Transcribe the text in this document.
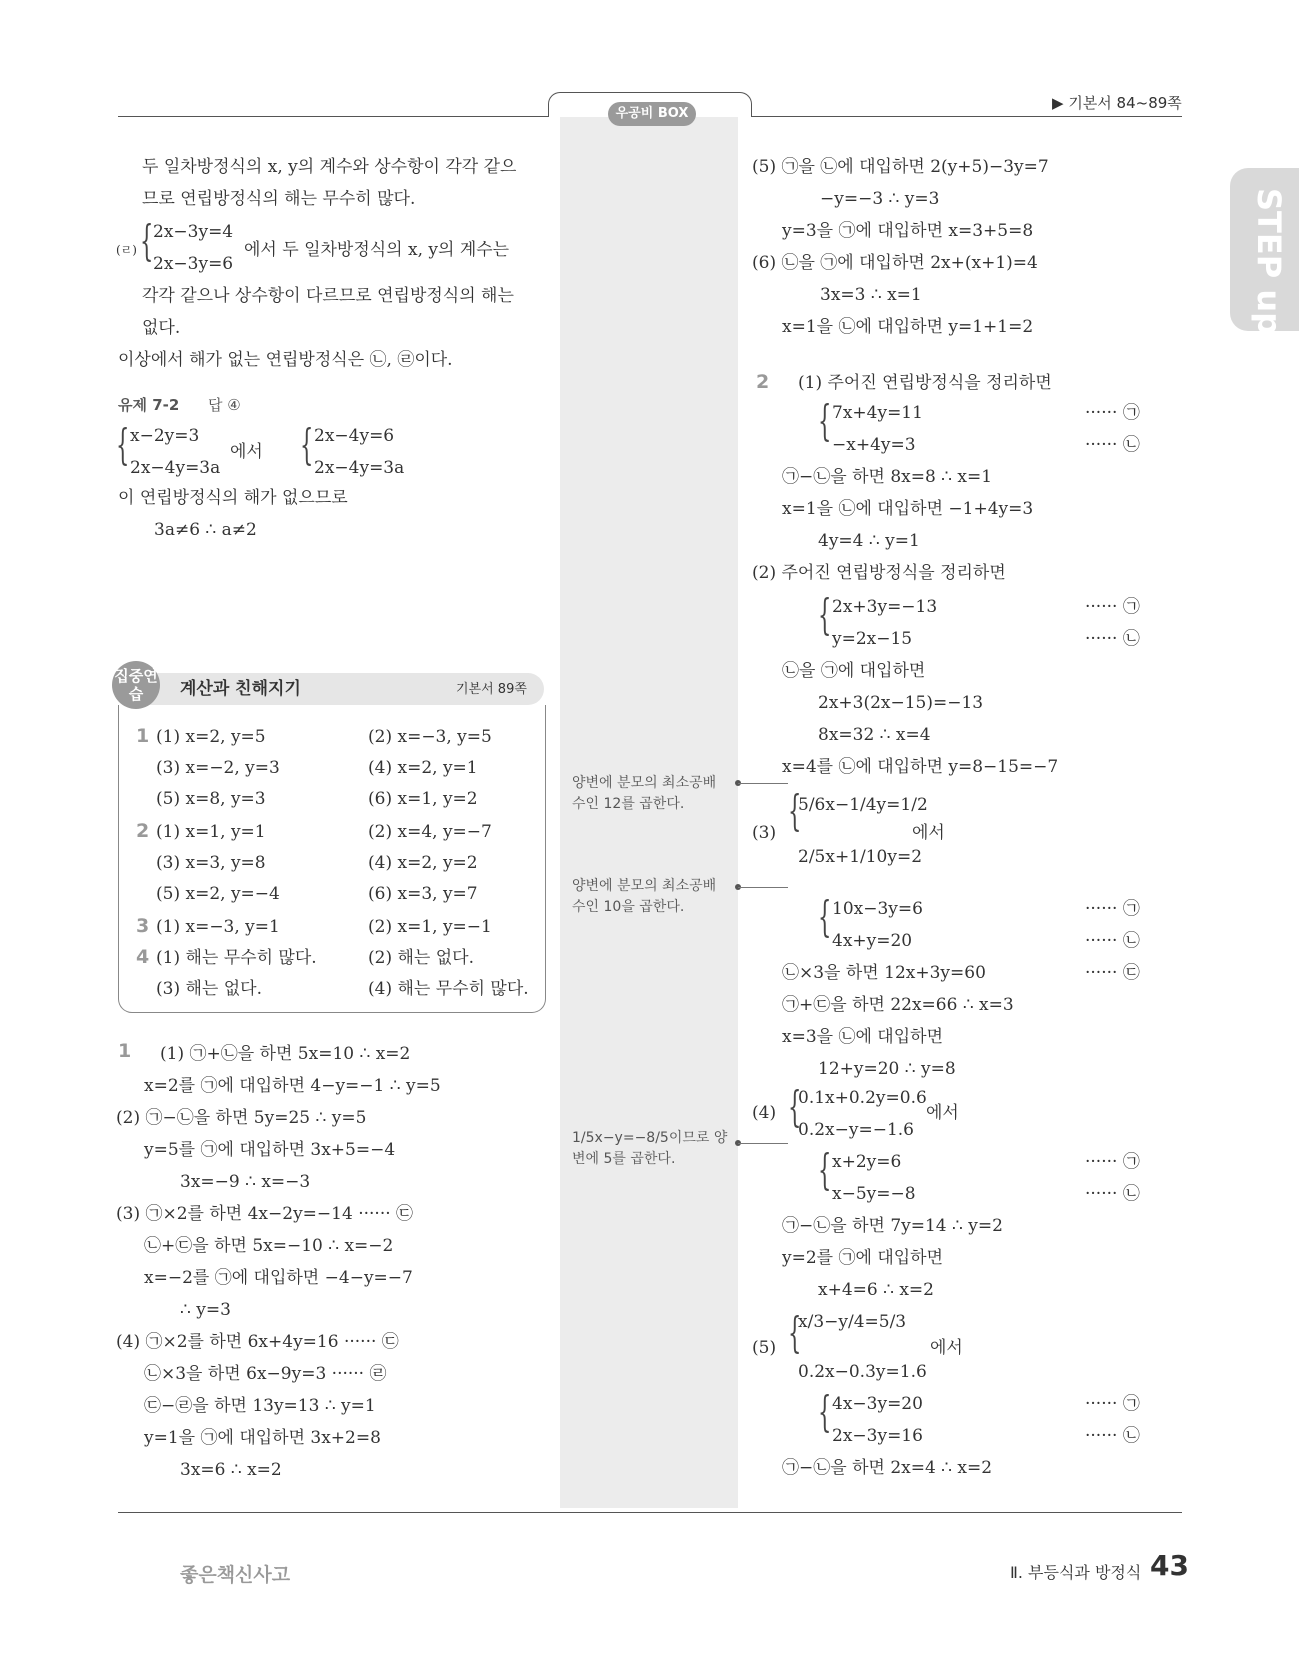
우공비 BOX
▶ 기본서 84~89쪽
STEP up
두 일차방정식의 x, y의 계수와 상수항이 각각 같으
므로 연립방정식의 해는 무수히 많다.
(ㄹ) { 2x−3y=4
2x−3y=6
에서 두 일차방정식의 x, y의 계수는
각각 같으나 상수항이 다르므로 연립방정식의 해는
없다.
이상에서 해가 없는 연립방정식은 ㉡, ㉣이다.
유제 7-2 답 ④
{ x−2y=3
2x−4y=3a
에서 { 2x−4y=6
2x−4y=3a
이 연립방정식의 해가 없으므로
3a≠6 ∴ a≠2
집중연습	계산과 친해지기	기본서 89쪽
1 (1) x=2, y=5	(2) x=−3, y=5
(3) x=−2, y=3	(4) x=2, y=1
(5) x=8, y=3	(6) x=1, y=2
2 (1) x=1, y=1	(2) x=4, y=−7
(3) x=3, y=8	(4) x=2, y=2
(5) x=2, y=−4	(6) x=3, y=7
3 (1) x=−3, y=1	(2) x=1, y=−1
4 (1) 해는 무수히 많다.	(2) 해는 없다.
(3) 해는 없다.	(4) 해는 무수히 많다.
1 (1) ㉠+㉡을 하면 5x=10 ∴ x=2
x=2를 ㉠에 대입하면 4−y=−1 ∴ y=5
(2) ㉠−㉡을 하면 5y=25 ∴ y=5
y=5를 ㉠에 대입하면 3x+5=−4
3x=−9 ∴ x=−3
(3) ㉠×2를 하면 4x−2y=−14 ······ ㉢
㉡+㉢을 하면 5x=−10 ∴ x=−2
x=−2를 ㉠에 대입하면 −4−y=−7
∴ y=3
(4) ㉠×2를 하면 6x+4y=16 ······ ㉢
㉡×3을 하면 6x−9y=3 ······ ㉣
㉢−㉣을 하면 13y=13 ∴ y=1
y=1을 ㉠에 대입하면 3x+2=8
3x=6 ∴ x=2
양변에 분모의 최소공배
수인 12를 곱한다.
양변에 분모의 최소공배
수인 10을 곱한다.
1/5x−y=−8/5이므로 양
변에 5를 곱한다.
(5) ㉠을 ㉡에 대입하면 2(y+5)−3y=7
−y=−3 ∴ y=3
y=3을 ㉠에 대입하면 x=3+5=8
(6) ㉡을 ㉠에 대입하면 2x+(x+1)=4
3x=3 ∴ x=1
x=1을 ㉡에 대입하면 y=1+1=2
2 (1) 주어진 연립방정식을 정리하면
7x+4y=11
−x+4y=3
······ ㉠
······ ㉡
㉠−㉡을 하면 8x=8 ∴ x=1
x=1을 ㉡에 대입하면 −1+4y=3
4y=4 ∴ y=1
(2) 주어진 연립방정식을 정리하면
2x+3y=−13
y=2x−15
······ ㉠
······ ㉡
㉡을 ㉠에 대입하면
2x+3(2x−15)=−13
8x=32 ∴ x=4
x=4를 ㉡에 대입하면 y=8−15=−7
(3)
5/6x−1/4y=1/2
2/5x+1/10y=2
에서
10x−3y=6
4x+y=20
······ ㉠
······ ㉡
㉡×3을 하면 12x+3y=60	······ ㉢
㉠+㉢을 하면 22x=66 ∴ x=3
x=3을 ㉡에 대입하면
12+y=20 ∴ y=8
(4)
0.1x+0.2y=0.6
0.2x−y=−1.6
에서
x+2y=6
x−5y=−8
······ ㉠
······ ㉡
㉠−㉡을 하면 7y=14 ∴ y=2
y=2를 ㉠에 대입하면
x+4=6 ∴ x=2
(5)
x/3−y/4=5/3
0.2x−0.3y=1.6
에서
4x−3y=20
2x−3y=16
······ ㉠
······ ㉡
㉠−㉡을 하면 2x=4 ∴ x=2
{
{
{
{
{
{
{
{
좋은책신사고	Ⅱ. 부등식과 방정식 43
